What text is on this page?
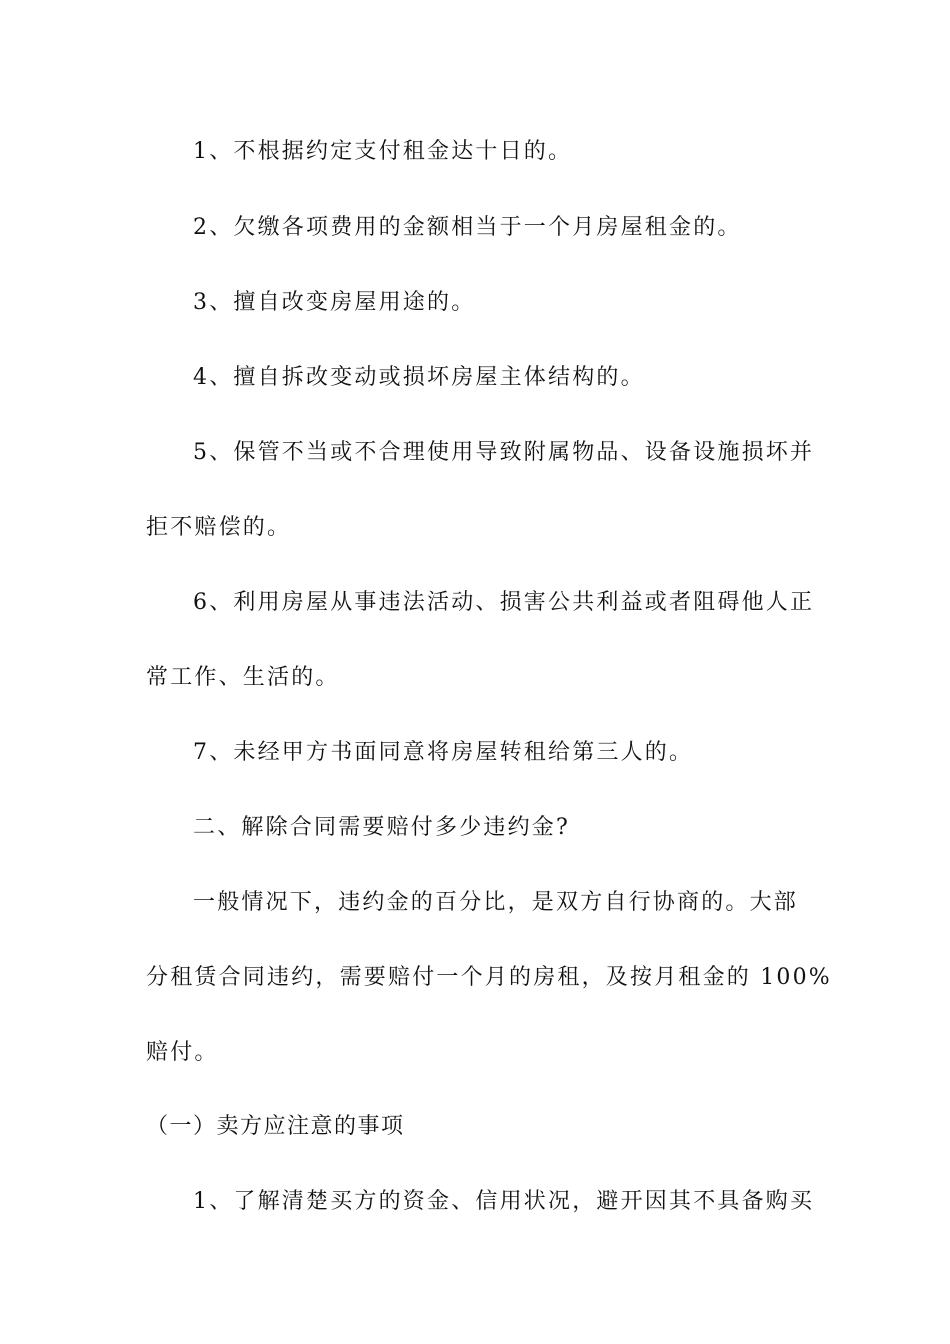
1、不根据约定支付租金达十日的。
2、欠缴各项费用的金额相当于一个月房屋租金的。
3、擅自改变房屋用途的。
4、擅自拆改变动或损坏房屋主体结构的。
5、保管不当或不合理使用导致附属物品、设备设施损坏并
拒不赔偿的。
6、利用房屋从事违法活动、损害公共利益或者阻碍他人正
常工作、生活的。
7、未经甲方书面同意将房屋转租给第三人的。
二、解除合同需要赔付多少违约金?
一般情况下，违约金的百分比，是双方自行协商的。大部
分租赁合同违约，需要赔付一个月的房租，及按月租金的 100%
赔付。
（一）卖方应注意的事项
1、了解清楚买方的资金、信用状况，避开因其不具备购买
